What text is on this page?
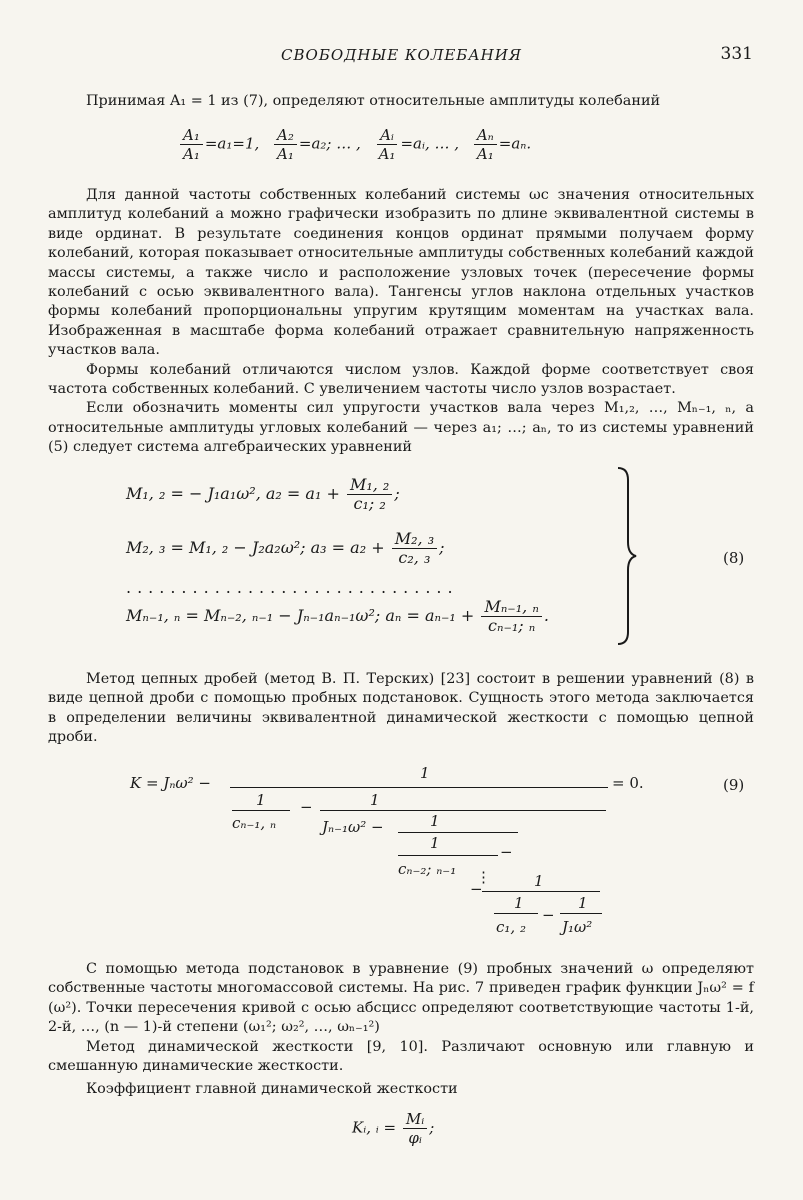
СВОБОДНЫЕ КОЛЕБАНИЯ	331

Принимая A₁ = 1 из (7), определяют относительные амплитуды колебаний

$\frac{\text{A₁}}{\text{A₁}} =a_1=1$, $\frac{\text{A₂}}{\text{A₁}} =a_2$; … , $\frac{\text{Aᵢ}}{\text{A₁}}$ =aᵢ, … , $\frac{\text{Aₙ}}{\text{A₁}} =a_n$.

Для данной частоты собственных колебаний системы ωс значения относительных амплитуд колебаний a можно графически изобразить по длине эквивалентной системы в виде ординат. В результате соединения концов ординат прямыми получаем форму колебаний, которая показывает относительные амплитуды собственных колебаний каждой массы системы, а также число и расположение узловых точек (пересечение формы колебаний с осью эквивалентного вала). Тангенсы углов наклона отдельных участков формы колебаний пропорциональны упругим крутящим моментам на участках вала. Изображенная в масштабе форма колебаний отражает сравнительную напряженность участков вала.

Формы колебаний отличаются числом узлов. Каждой форме соответствует своя частота собственных колебаний. С увеличением частоты число узлов возрастает.

Если обозначить моменты сил упругости участков вала через M₁,₂, …, Mₙ₋₁, ₙ, а относительные амплитуды угловых колебаний — через a₁; …; aₙ, то из системы уравнений (5) следует система алгебраических уравнений

M₁, ₂ = − J₁a₁ω², $a_2 = a_1 + \frac{\text{M₁, ₂}}{\text{c₁; ₂}}$ ;
M₂, ₃ = M₁, ₂ − J₂a₂ω²; $a_3 = a_2 + \frac{\text{M₂, ₃}}{\text{c₂, ₃}}$ ;
..............................
Mₙ₋₁, ₙ = Mₙ₋₂, ₙ₋₁ − Jₙ₋₁aₙ₋₁ω²; $a_n = a_{n-1} + \frac{\text{Mₙ₋₁, ₙ}}{\text{cₙ₋₁; ₙ}}$ .
(8)

Метод цепных дробей (метод В. П. Терских) [23] состоит в решении уравнений (8) в виде цепной дроби с помощью пробных подстановок. Сущность этого метода заключается в определении величины эквивалентной динамической жесткости с помощью цепной дроби.

K = Jₙω² −
1
= 0.	(9)
1
cₙ₋₁, ₙ
−	1
Jₙ₋₁ω² −	1
1	−
cₙ₋₂; ₙ₋₁ ⋮	1
−
1
c₁, ₂
−
1
J₁ω²

С помощью метода подстановок в уравнение (9) пробных значений ω определяют собственные частоты многомассовой системы. На рис. 7 приведен график функции Jₙω² = f (ω²). Точки пересечения кривой с осью абсцисс определяют соответствующие частоты 1-й, 2-й, …, (n — 1)-й степени (ω₁²; ω₂², …, ωₙ₋₁²)

Метод динамической жесткости [9, 10]. Различают основную или главную и смешанную динамические жесткости.

Коэффициент главной динамической жесткости

Kᵢ, ᵢ = $\frac{\text{Mᵢ}}{\text{φᵢ}}$ ;
